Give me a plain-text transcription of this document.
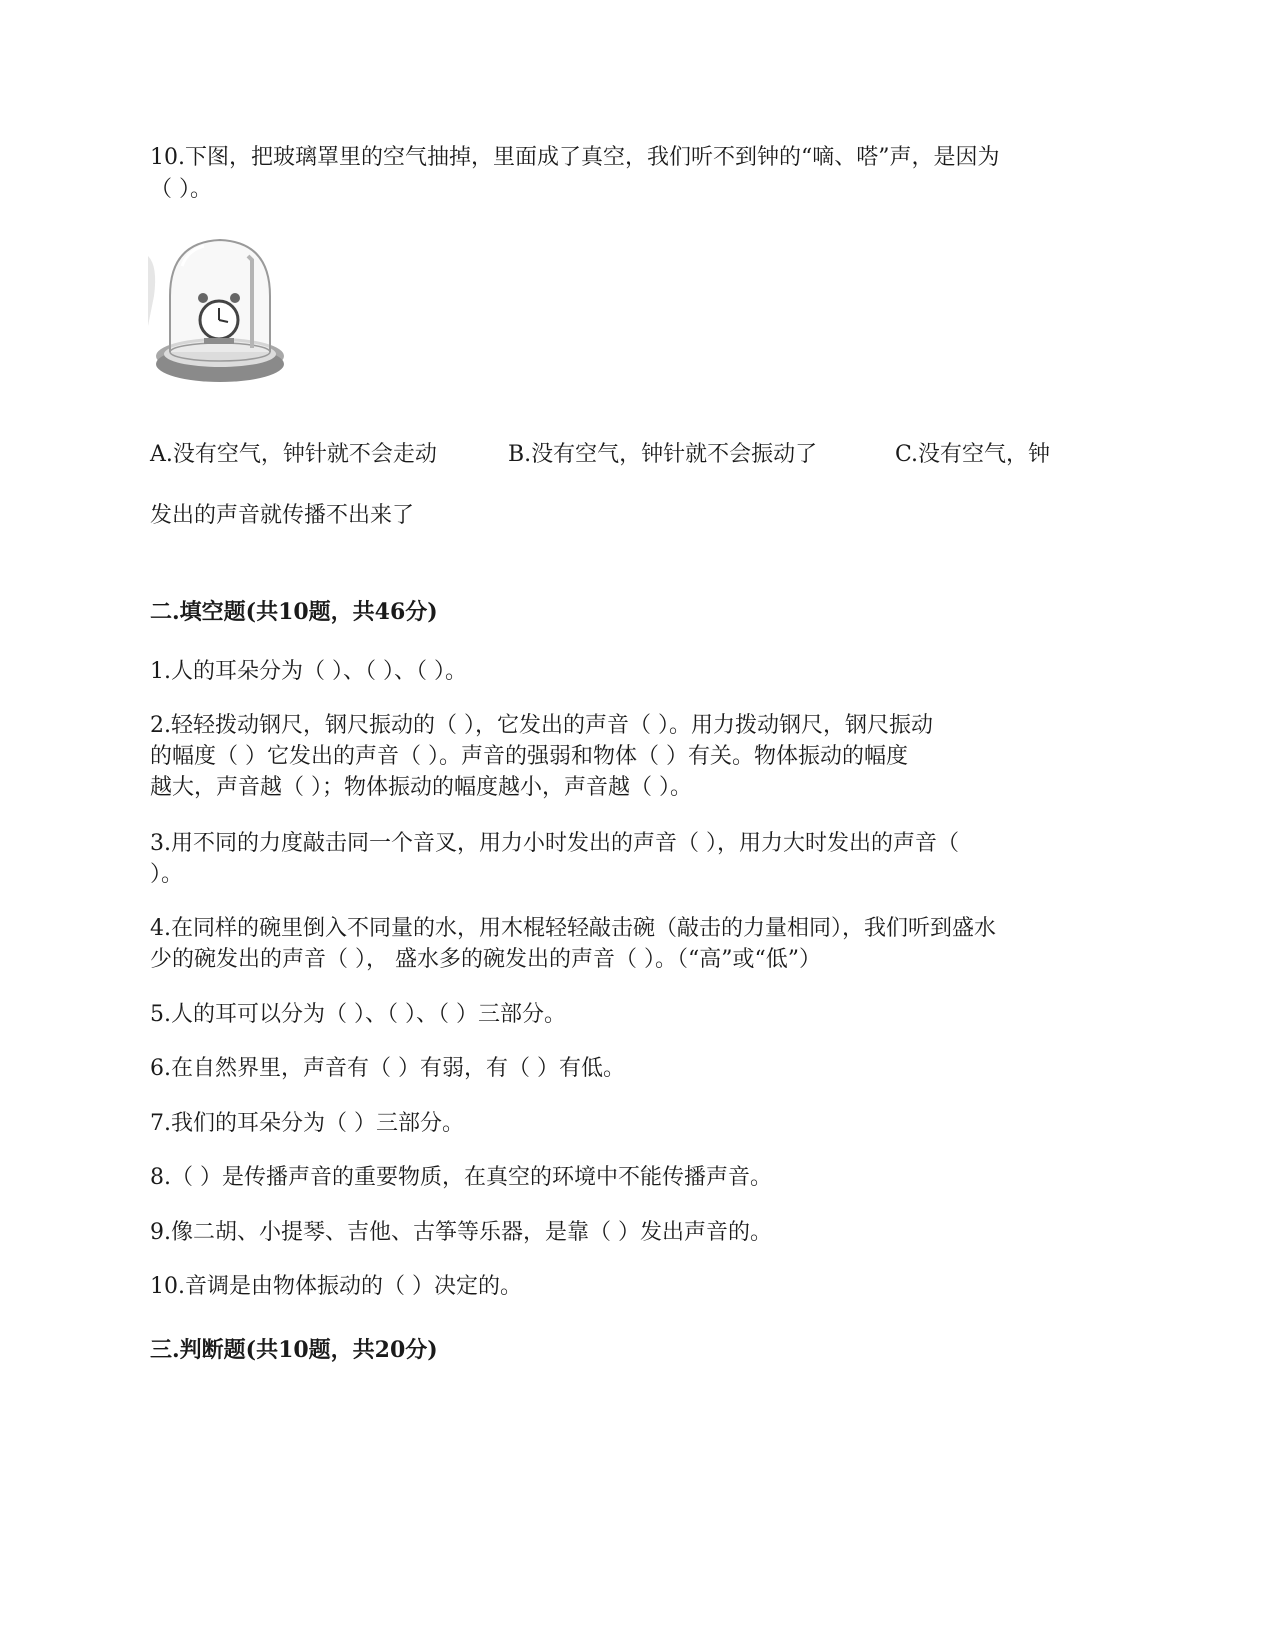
10.下图，把玻璃罩里的空气抽掉，里面成了真空，我们听不到钟的“嘀、嗒”声，是因为
（ ）。
A.没有空气，钟针就不会走动	B.没有空气，钟针就不会振动了	C.没有空气，钟
发出的声音就传播不出来了
二.填空题(共10题，共46分)
1.人的耳朵分为（ ）、（ ）、（ ）。
2.轻轻拨动钢尺，钢尺振动的（ ），它发出的声音（ ）。用力拨动钢尺，钢尺振动
的幅度（ ）它发出的声音（ ）。声音的强弱和物体（ ）有关。物体振动的幅度
越大，声音越（ ）；物体振动的幅度越小，声音越（ ）。
3.用不同的力度敲击同一个音叉，用力小时发出的声音（ ），用力大时发出的声音（
）。
4.在同样的碗里倒入不同量的水，用木棍轻轻敲击碗（敲击的力量相同），我们听到盛水
少的碗发出的声音（ ）， 盛水多的碗发出的声音（ ）。（“高”或“低”）
5.人的耳可以分为（ ）、（ ）、（ ）三部分。
6.在自然界里，声音有（ ）有弱，有（ ）有低。
7.我们的耳朵分为（ ）三部分。
8.（ ）是传播声音的重要物质，在真空的环境中不能传播声音。
9.像二胡、小提琴、吉他、古筝等乐器，是靠（ ）发出声音的。
10.音调是由物体振动的（ ）决定的。
三.判断题(共10题，共20分)
